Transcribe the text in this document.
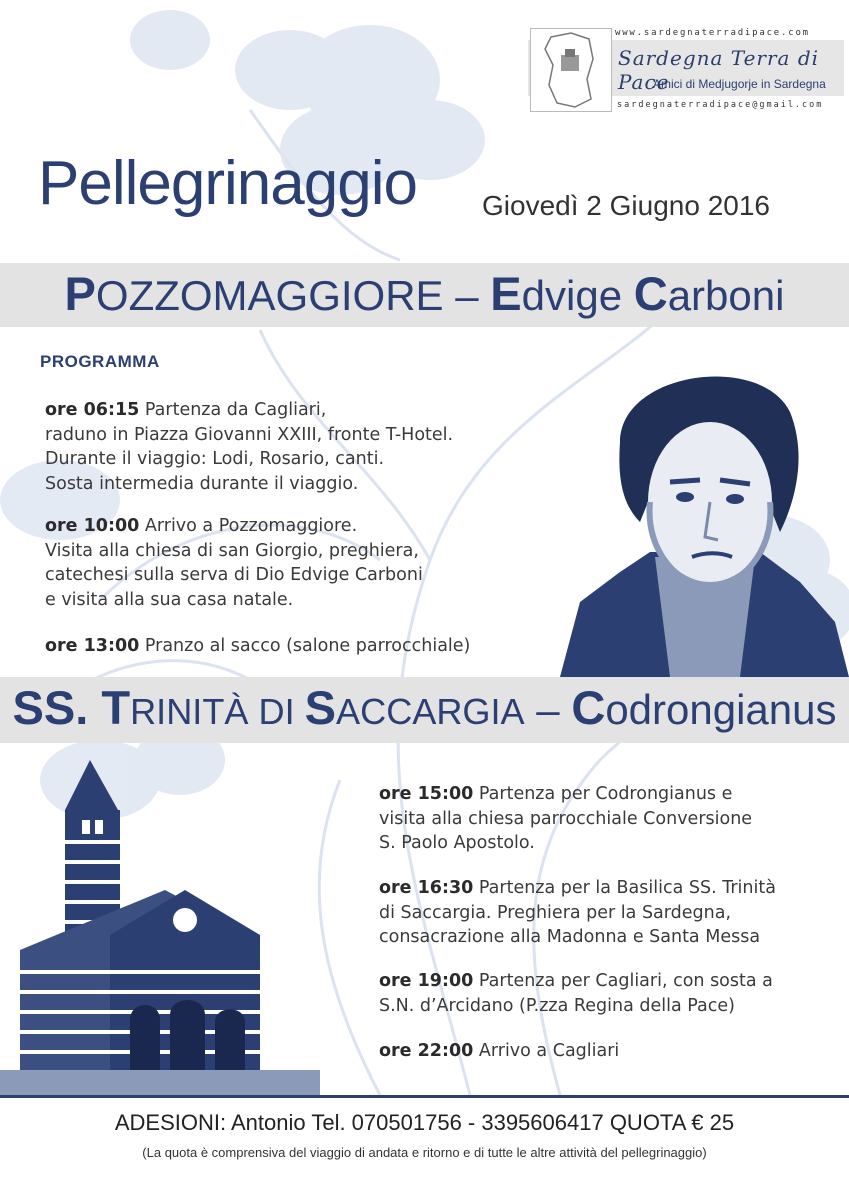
www.sardegnaterradipace.com
Sardegna Terra di Pace
Amici di Medjugorje in Sardegna
sardegnaterradipace@gmail.com
Pellegrinaggio Giovedì 2 Giugno 2016
POZZOMAGGIORE – Edvige Carboni
PROGRAMMA
ore 06:15 Partenza da Cagliari,
raduno in Piazza Giovanni XXIII, fronte T-Hotel.
Durante il viaggio: Lodi, Rosario, canti.
Sosta intermedia durante il viaggio.
ore 10:00 Arrivo a Pozzomaggiore.
Visita alla chiesa di san Giorgio, preghiera,
catechesi sulla serva di Dio Edvige Carboni
e visita alla sua casa natale.
ore 13:00 Pranzo al sacco (salone parrocchiale)
SS. TRINITÀ DI SACCARGIA – Codrongianus
ore 15:00 Partenza per Codrongianus e
visita alla chiesa parrocchiale Conversione
S. Paolo Apostolo.
ore 16:30 Partenza per la Basilica SS. Trinità
di Saccargia. Preghiera per la Sardegna,
consacrazione alla Madonna e Santa Messa
ore 19:00 Partenza per Cagliari, con sosta a
S.N. d’Arcidano (P.zza Regina della Pace)
ore 22:00 Arrivo a Cagliari
ADESIONI: Antonio Tel. 070501756 - 3395606417 QUOTA € 25
(La quota è comprensiva del viaggio di andata e ritorno e di tutte le altre attività del pellegrinaggio)
